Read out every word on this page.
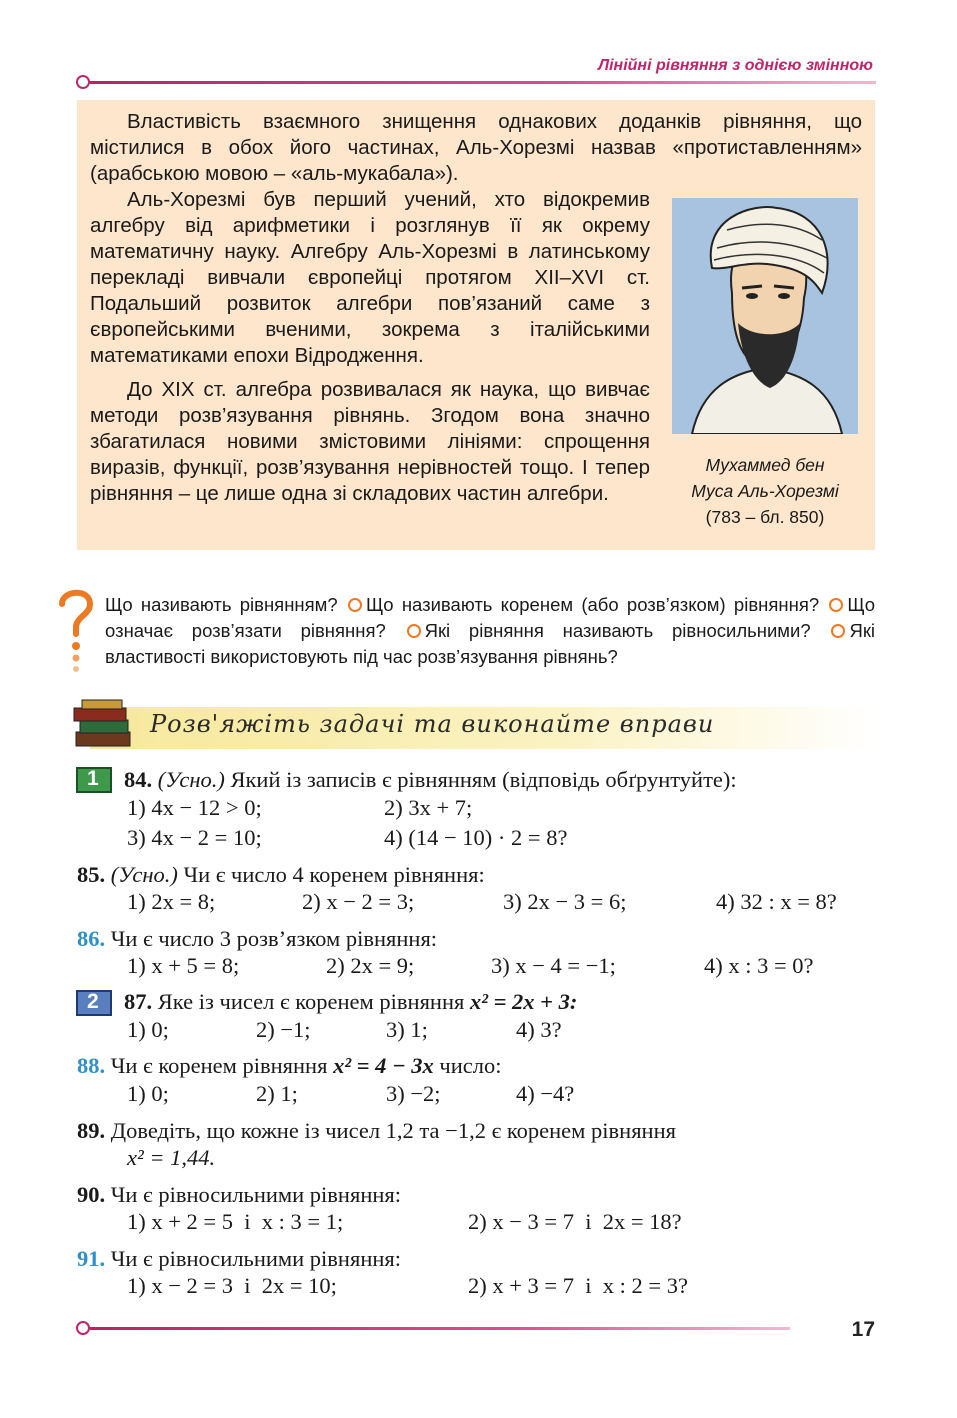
Лінійні рівняння з однією змінною

Властивість взаємного знищення однакових доданків рівняння, що містилися в обох його частинах, Аль-Хорезмі назвав «протиставленням» (арабською мовою – «аль-мукабала»).

Аль-Хорезмі був перший учений, хто відокремив алгебру від арифметики і розглянув її як окрему математичну науку. Алгебру Аль-Хорезмі в латинському перекладі вивчали європейці протягом XII–XVI ст. Подальший розвиток алгебри пов’язаний саме з європейськими вченими, зокрема з італійськими математиками епохи Відродження.

До XIX ст. алгебра розвивалася як наука, що вивчає методи розв’язування рівнянь. Згодом вона значно збагатилася новими змістовими лініями: спрощення виразів, функції, розв’язування нерівностей тощо. І тепер рівняння – це лише одна зі складових частин алгебри.

Мухаммед бен
Муса Аль-Хорезмі
(783 – бл. 850)
Що називають рівнянням? Що називають коренем (або розв’язком) рівняння? Що означає розв’язати рівняння? Які рівняння називають рівносильними? Які властивості використовують під час розв’язування рівнянь?
Розв'яжіть задачі та виконайте вправи
1 84. (Усно.) Який із записів є рівнянням (відповідь обґрунтуйте):
1) 4x − 12 > 0;	2) 3x + 7;
3) 4x − 2 = 10;	4) (14 − 10) · 2 = 8?
85. (Усно.) Чи є число 4 коренем рівняння:
1) 2x = 8;	2) x − 2 = 3;	3) 2x − 3 = 6;	4) 32 : x = 8?
86. Чи є число 3 розв’язком рівняння:
1) x + 5 = 8;	2) 2x = 9;	3) x − 4 = −1;	4) x : 3 = 0?
2 87. Яке із чисел є коренем рівняння x² = 2x + 3:
1) 0;	2) −1;	3) 1;	4) 3?
88. Чи є коренем рівняння x² = 4 − 3x число:
1) 0;	2) 1;	3) −2;	4) −4?
89. Доведіть, що кожне із чисел 1,2 та −1,2 є коренем рівняння
x² = 1,44.
90. Чи є рівносильними рівняння:
1) x + 2 = 5  і  x : 3 = 1;	2) x − 3 = 7  і  2x = 18?
91. Чи є рівносильними рівняння:
1) x − 2 = 3  і  2x = 10;	2) x + 3 = 7  і  x : 2 = 3?
17
